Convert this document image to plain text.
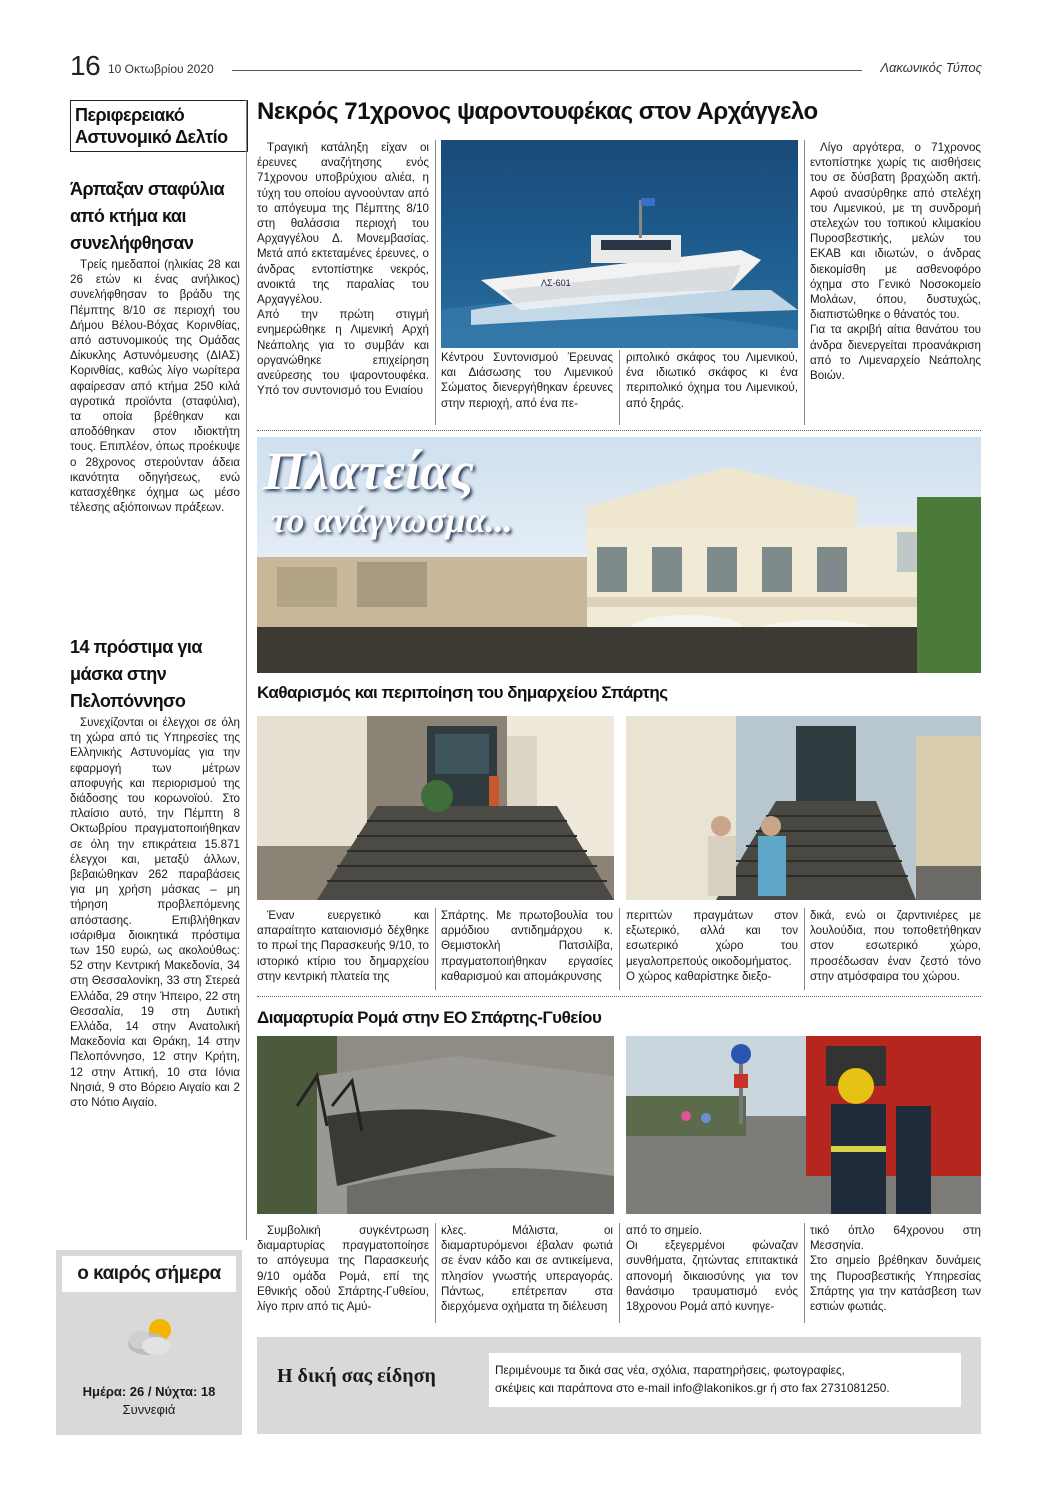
16 10 Οκτωβρίου 2020	Λακωνικός Τύπος
Περιφερειακό Αστυνομικό Δελτίο
Άρπαξαν σταφύλια από κτήμα και συνελήφθησαν

Τρείς ημεδαποί (ηλικίας 28 και 26 ετών κι ένας ανήλικος) συνελήφθησαν το βράδυ της Πέμπτης 8/10 σε περιοχή του Δήμου Βέλου-Βόχας Κορινθίας, από αστυνομικούς της Ομάδας Δίκυκλης Αστυνόμευσης (ΔΙΑΣ) Κορινθίας, καθώς λίγο νωρίτερα αφαίρεσαν από κτήμα 250 κιλά αγροτικά προϊόντα (σταφύλια), τα οποία βρέθηκαν και αποδόθηκαν στον ιδιοκτήτη τους. Επιπλέον, όπως προέκυψε ο 28χρονος στερούνταν άδεια ικανότητα οδηγήσεως, ενώ κατασχέθηκε όχημα ως μέσο τέλεσης αξιόποινων πράξεων.

14 πρόστιμα για μάσκα στην Πελοπόννησο

Συνεχίζονται οι έλεγχοι σε όλη τη χώρα από τις Υπηρεσίες της Ελληνικής Αστυνομίας για την εφαρμογή των μέτρων αποφυγής και περιορισμού της διάδοσης του κορωνοϊού. Στο πλαίσιο αυτό, την Πέμπτη 8 Οκτωβρίου πραγματοποιήθηκαν σε όλη την επικράτεια 15.871 έλεγχοι και, μεταξύ άλλων, βεβαιώθηκαν 262 παραβάσεις για μη χρήση μάσκας – μη τήρηση προβλεπόμενης απόστασης. Επιβλήθηκαν ισάριθμα διοικητικά πρόστιμα των 150 ευρώ, ως ακολούθως: 52 στην Κεντρική Μακεδονία, 34 στη Θεσσαλονίκη, 33 στη Στερεά Ελλάδα, 29 στην Ήπειρο, 22 στη Θεσσαλία, 19 στη Δυτική Ελλάδα, 14 στην Ανατολική Μακεδονία και Θράκη, 14 στην Πελοπόννησο, 12 στην Κρήτη, 12 στην Αττική, 10 στα Ιόνια Νησιά, 9 στο Βόρειο Αιγαίο και 2 στο Νότιο Αιγαίο.

ο καιρός σήμερα
Ημέρα: 26 / Νύχτα: 18
Συννεφιά
Νεκρός 71χρονος ψαροντουφέκας στον Αρχάγγελο

Τραγική κατάληξη είχαν οι έρευνες αναζήτησης ενός 71χρονου υποβρύχιου αλιέα, η τύχη του οποίου αγνοούνταν από το απόγευμα της Πέμπτης 8/10 στη θαλάσσια περιοχή του Αρχαγγέλου Δ. Μονεμβασίας. Μετά από εκτεταμένες έρευνες, ο άνδρας εντοπίστηκε νεκρός, ανοικτά της παραλίας του Αρχαγγέλου.
Από την πρώτη στιγμή ενημερώθηκε η Λιμενική Αρχή Νεάπολης για το συμβάν και οργανώθηκε επιχείρηση ανεύρεσης του ψαροντουφέκα. Υπό τον συντονισμό του Ενιαίου

ΛΣ-601

Κέντρου Συντονισμού Έρευνας και Διάσωσης του Λιμενικού Σώματος διενεργήθηκαν έρευνες στην περιοχή, από ένα πε-

ριπολικό σκάφος του Λιμενικού, ένα ιδιωτικό σκάφος κι ένα περιπολικό όχημα του Λιμενικού, από ξηράς.

Λίγο αργότερα, ο 71χρονος εντοπίστηκε χωρίς τις αισθήσεις του σε δύσβατη βραχώδη ακτή. Αφού ανασύρθηκε από στελέχη του Λιμενικού, με τη συνδρομή στελεχών του τοπικού κλιμακίου Πυροσβεστικής, μελών του ΕΚΑΒ και ιδιωτών, ο άνδρας διεκομίσθη με ασθενοφόρο όχημα στο Γενικό Νοσοκομείο Μολάων, όπου, δυστυχώς, διαπιστώθηκε ο θάνατός του.
Για τα ακριβή αίτια θανάτου του άνδρα διενεργείται προανάκριση από το Λιμεναρχείο Νεάπολης Βοιών.

Πλατείας
το ανάγνωσμα...
Καθαρισμός και περιποίηση του δημαρχείου Σπάρτης

Έναν ευεργετικό και απαραίτητο καταιονισμό δέχθηκε το πρωί της Παρασκευής 9/10, το ιστορικό κτίριο του δημαρχείου στην κεντρική πλατεία της

Σπάρτης. Με πρωτοβουλία του αρμόδιου αντιδημάρχου κ. Θεμιστοκλή Πατσιλίβα, πραγματοποιήθηκαν εργασίες καθαρισμού και απομάκρυνσης

περιττών πραγμάτων στον εξωτερικό, αλλά και τον εσωτερικό χώρο του μεγαλοπρεπούς οικοδομήματος.
Ο χώρος καθαρίστηκε διεξο-

δικά, ενώ οι ζαρντινιέρες με λουλούδια, που τοποθετήθηκαν στον εσωτερικό χώρο, προσέδωσαν έναν ζεστό τόνο στην ατμόσφαιρα του χώρου.

Διαμαρτυρία Ρομά στην ΕΟ Σπάρτης-Γυθείου

Συμβολική συγκέντρωση διαμαρτυρίας πραγματοποίησε το απόγευμα της Παρασκευής 9/10 ομάδα Ρομά, επί της Εθνικής οδού Σπάρτης-Γυθείου, λίγο πριν από τις Αμύ-

κλες. Μάλιστα, οι διαμαρτυρόμενοι έβαλαν φωτιά σε έναν κάδο και σε αντικείμενα, πλησίον γνωστής υπεραγοράς. Πάντως, επέτρεπαν στα διερχόμενα οχήματα τη διέλευση

από το σημείο.
Οι εξεγερμένοι φώναζαν συνθήματα, ζητώντας επιτακτικά απονομή δικαιοσύνης για τον θανάσιμο τραυματισμό ενός 18χρονου Ρομά από κυνηγε-

τικό όπλο 64χρονου στη Μεσσηνία.
Στο σημείο βρέθηκαν δυνάμεις της Πυροσβεστικής Υπηρεσίας Σπάρτης για την κατάσβεση των εστιών φωτιάς.

Η δική σας είδηση	Περιμένουμε τα δικά σας νέα, σχόλια, παρατηρήσεις, φωτογραφίες,
σκέψεις και παράπονα στο e-mail info@lakonikos.gr ή στο fax 2731081250.
